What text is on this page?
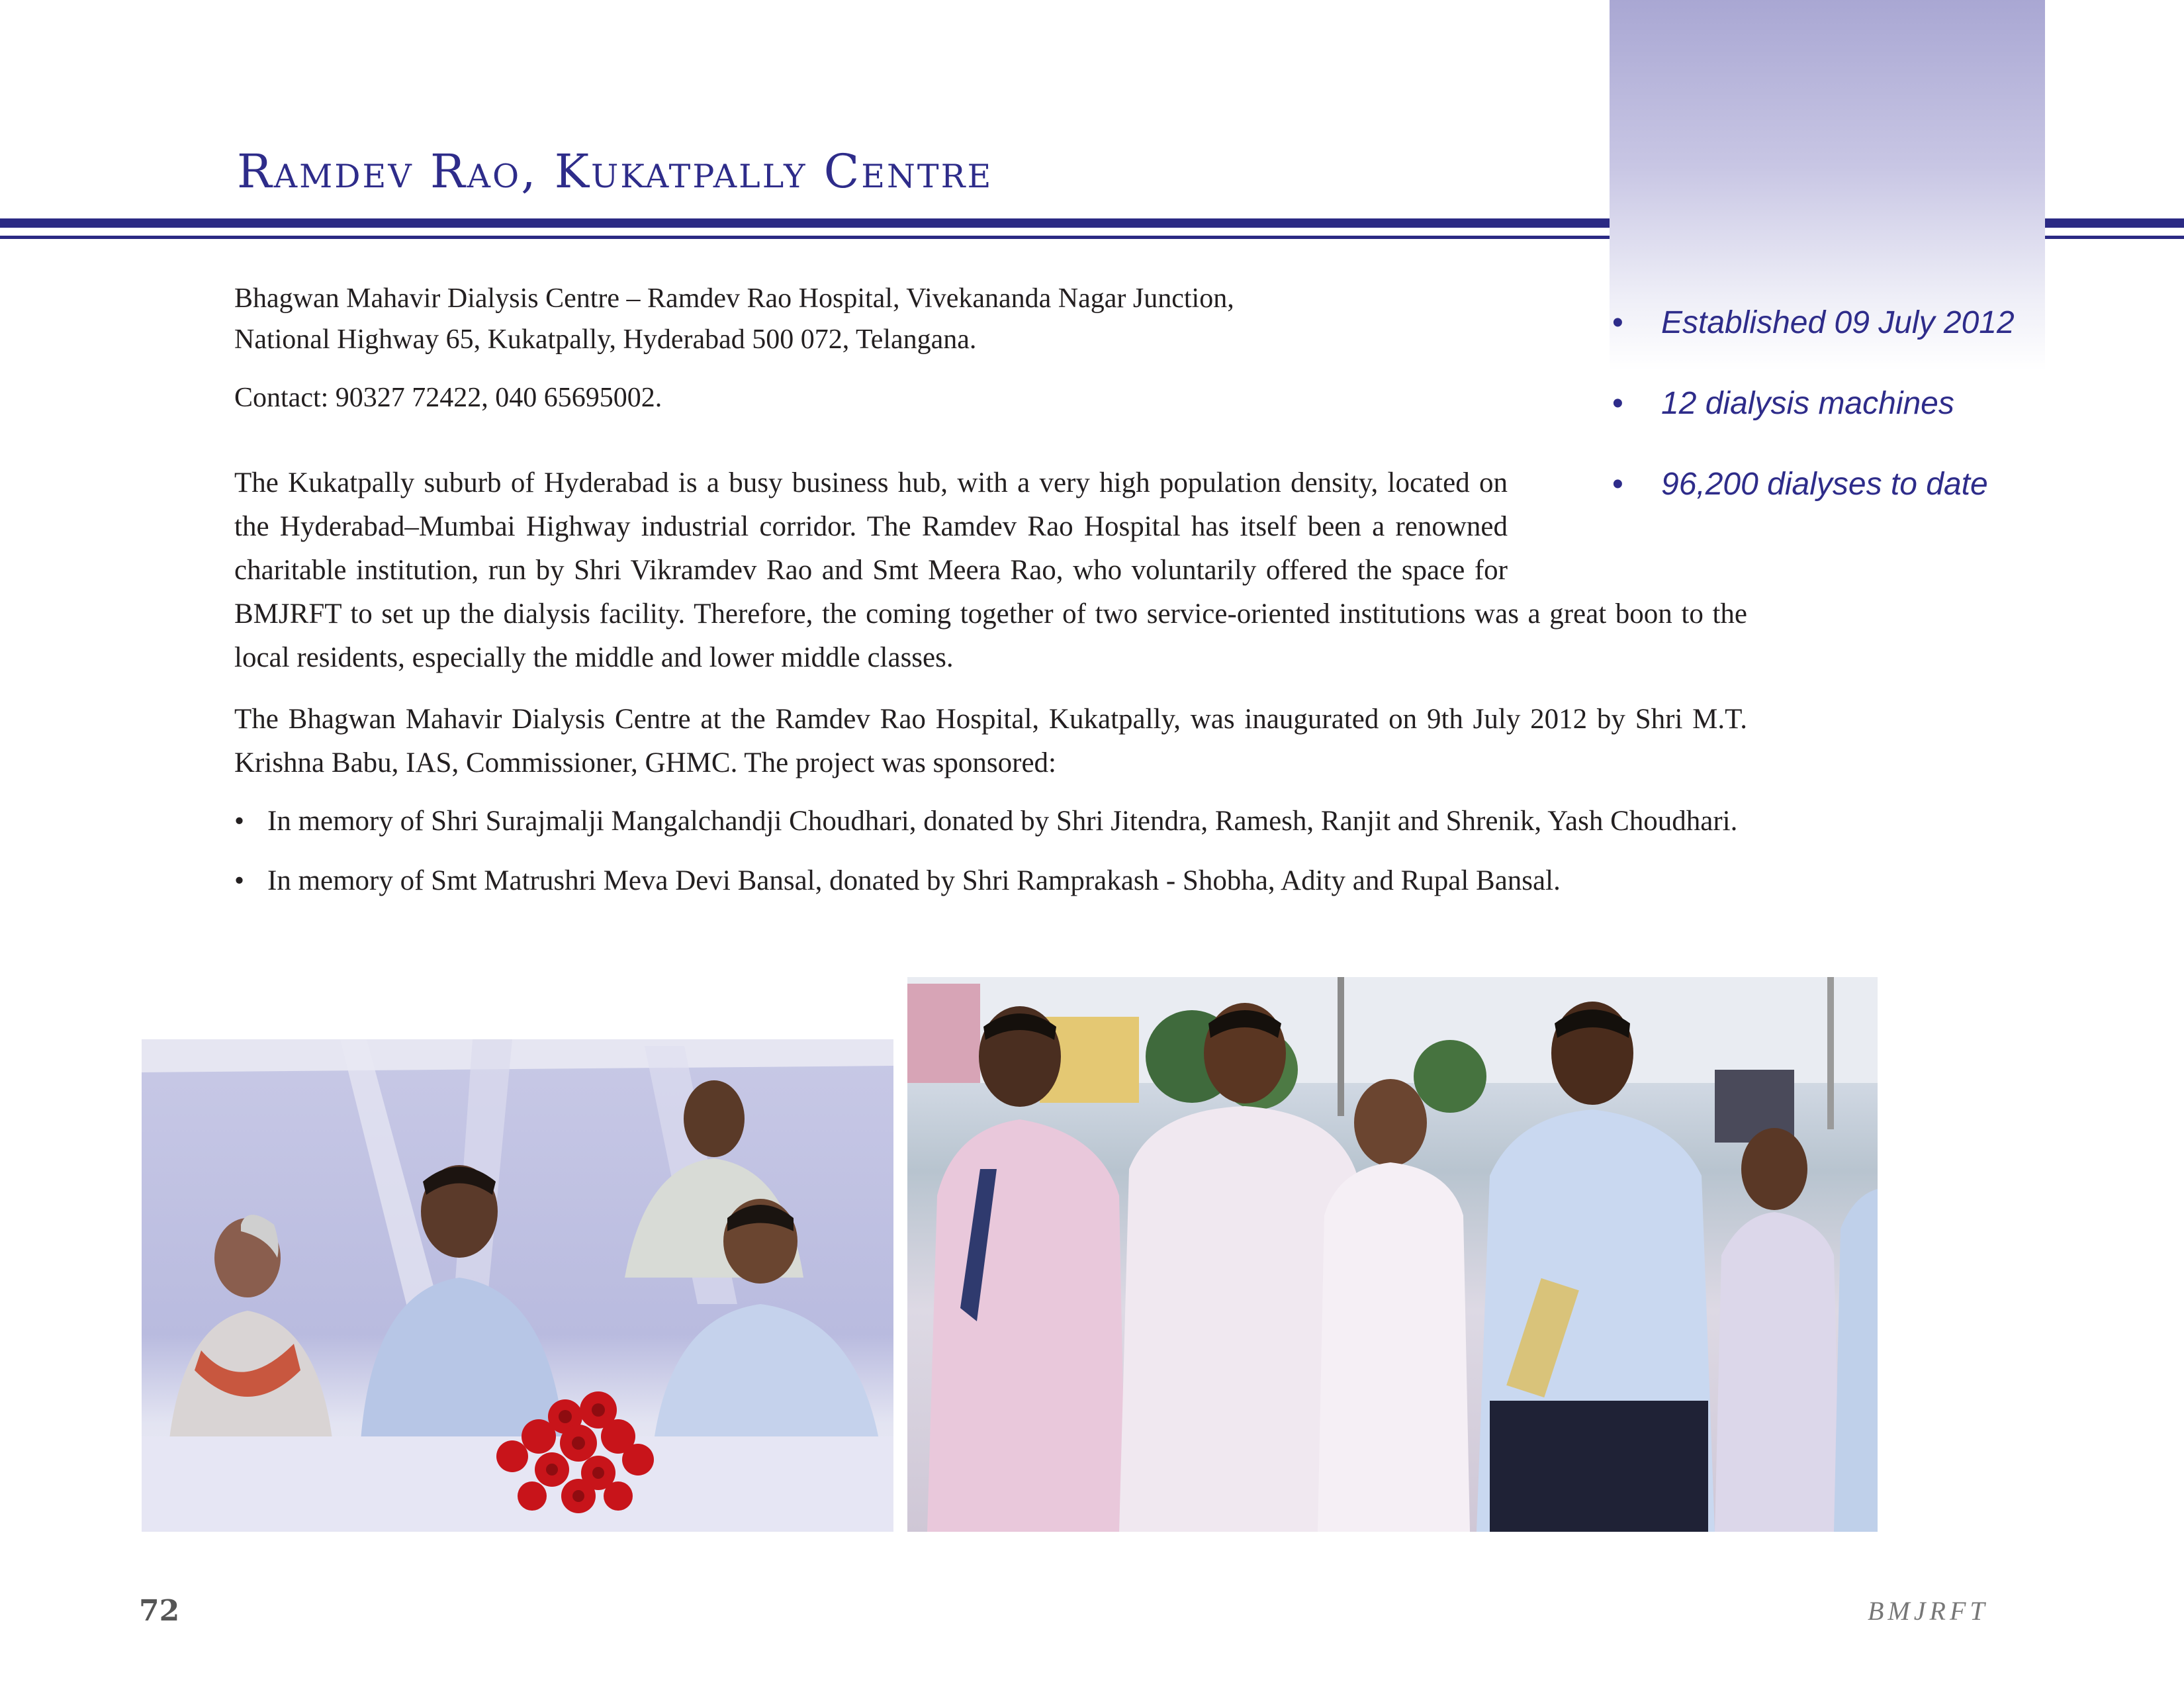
Ramdev Rao, Kukatpally Centre

Bhagwan Mahavir Dialysis Centre – Ramdev Rao Hospital, Vivekananda Nagar Junction,

National Highway 65, Kukatpally, Hyderabad 500 072, Telangana.

Contact: 90327 72422, 040 65695002.

• Established 09 July 2012
• 12 dialysis machines
• 96,200 dialyses to date

The Kukatpally suburb of Hyderabad is a busy business hub, with a very high population density, located on the Hyderabad–Mumbai Highway industrial corridor. The Ramdev Rao Hospital has itself been a renowned charitable institution, run by Shri Vikramdev Rao and Smt Meera Rao, who voluntarily offered the space for BMJRFT to set up the dialysis facility. Therefore, the coming together of two service-oriented institutions was a great boon to the local residents, especially the middle and lower middle classes.

The Bhagwan Mahavir Dialysis Centre at the Ramdev Rao Hospital, Kukatpally, was inaugurated on 9th July 2012 by Shri M.T. Krishna Babu, IAS, Commissioner, GHMC. The project was sponsored:

• In memory of Shri Surajmalji Mangalchandji Choudhari, donated by Shri Jitendra, Ramesh, Ranjit and Shrenik, Yash Choudhari.
• In memory of Smt Matrushri Meva Devi Bansal, donated by Shri Ramprakash - Shobha, Adity and Rupal Bansal.

72	BMJRFT
